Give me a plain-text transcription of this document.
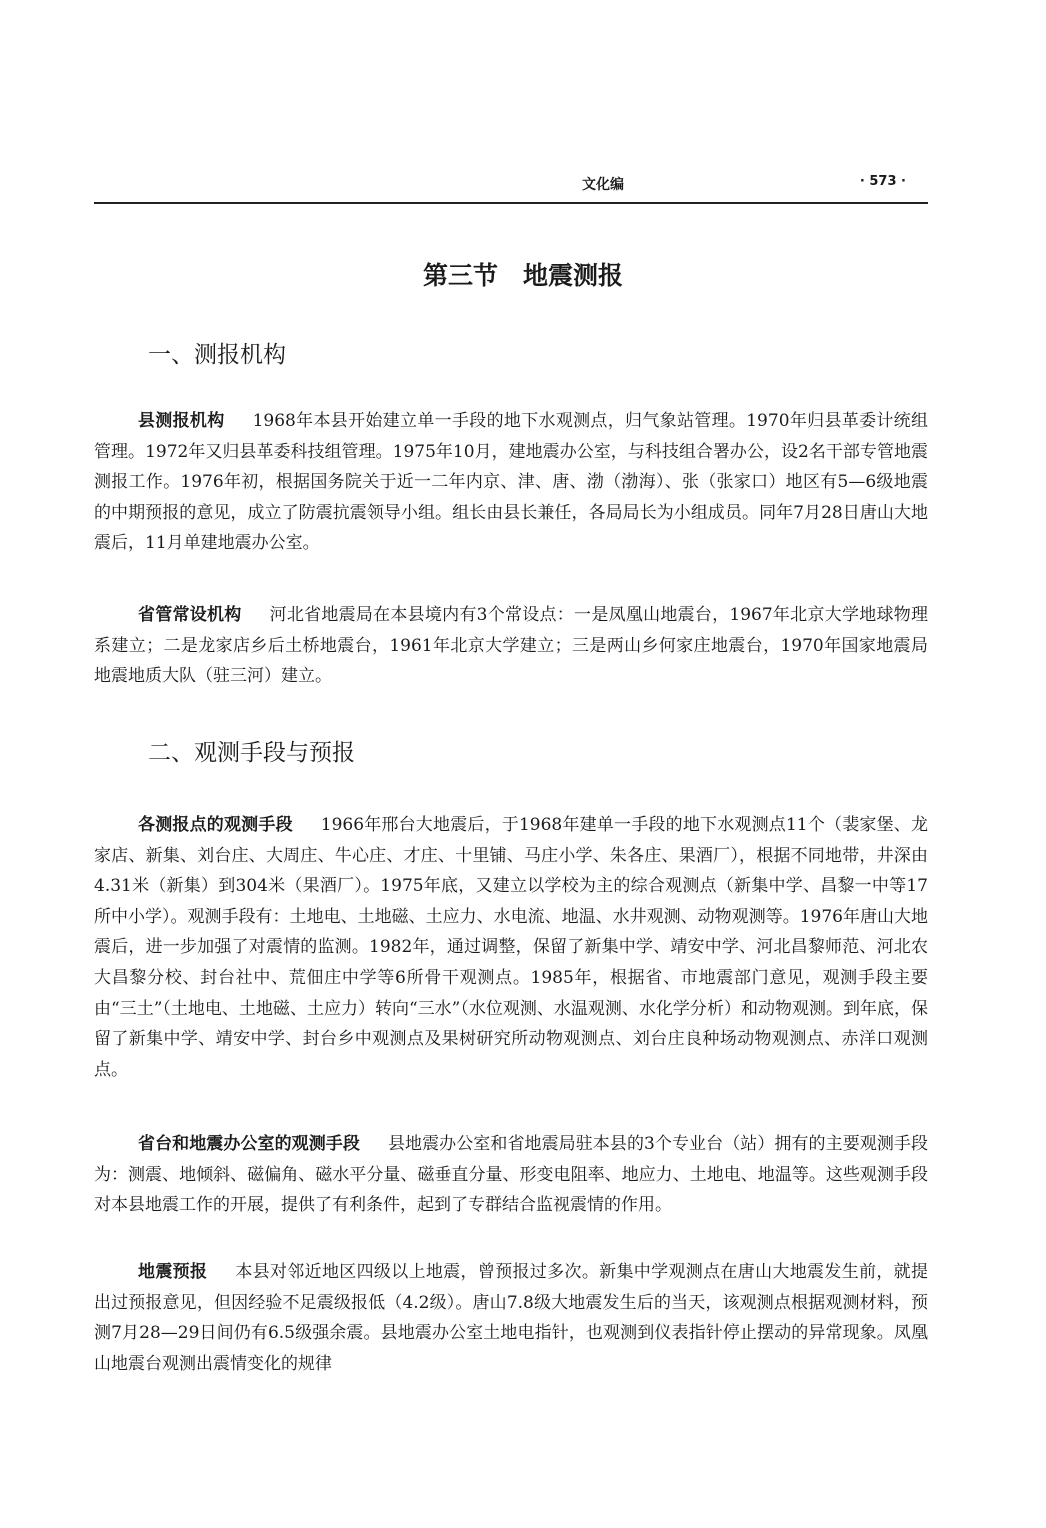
文化编	· 573 ·
第三节　地震测报
一、测报机构

县测报机构 1968年本县开始建立单一手段的地下水观测点，归气象站管理。1970年归县革委计统组管理。1972年又归县革委科技组管理。1975年10月，建地震办公室，与科技组合署办公，设2名干部专管地震测报工作。1976年初，根据国务院关于近一二年内京、津、唐、渤（渤海）、张（张家口）地区有5—6级地震的中期预报的意见，成立了防震抗震领导小组。组长由县长兼任，各局局长为小组成员。同年7月28日唐山大地震后，11月单建地震办公室。

省管常设机构 河北省地震局在本县境内有3个常设点：一是凤凰山地震台，1967年北京大学地球物理系建立；二是龙家店乡后土桥地震台，1961年北京大学建立；三是两山乡何家庄地震台，1970年国家地震局地震地质大队（驻三河）建立。

二、观测手段与预报

各测报点的观测手段 1966年邢台大地震后，于1968年建单一手段的地下水观测点11个（裴家堡、龙家店、新集、刘台庄、大周庄、牛心庄、才庄、十里铺、马庄小学、朱各庄、果酒厂），根据不同地带，井深由4.31米（新集）到304米（果酒厂）。1975年底，又建立以学校为主的综合观测点（新集中学、昌黎一中等17所中小学）。观测手段有：土地电、土地磁、土应力、水电流、地温、水井观测、动物观测等。1976年唐山大地震后，进一步加强了对震情的监测。1982年，通过调整，保留了新集中学、靖安中学、河北昌黎师范、河北农大昌黎分校、封台社中、荒佃庄中学等6所骨干观测点。1985年，根据省、市地震部门意见，观测手段主要由“三土”（土地电、土地磁、土应力）转向“三水”（水位观测、水温观测、水化学分析）和动物观测。到年底，保留了新集中学、靖安中学、封台乡中观测点及果树研究所动物观测点、刘台庄良种场动物观测点、赤洋口观测点。

省台和地震办公室的观测手段 县地震办公室和省地震局驻本县的3个专业台（站）拥有的主要观测手段为：测震、地倾斜、磁偏角、磁水平分量、磁垂直分量、形变电阻率、地应力、土地电、地温等。这些观测手段对本县地震工作的开展，提供了有利条件，起到了专群结合监视震情的作用。

地震预报 本县对邻近地区四级以上地震，曾预报过多次。新集中学观测点在唐山大地震发生前，就提出过预报意见，但因经验不足震级报低（4.2级）。唐山7.8级大地震发生后的当天，该观测点根据观测材料，预测7月28—29日间仍有6.5级强余震。县地震办公室土地电指针，也观测到仪表指针停止摆动的异常现象。凤凰山地震台观测出震情变化的规律
